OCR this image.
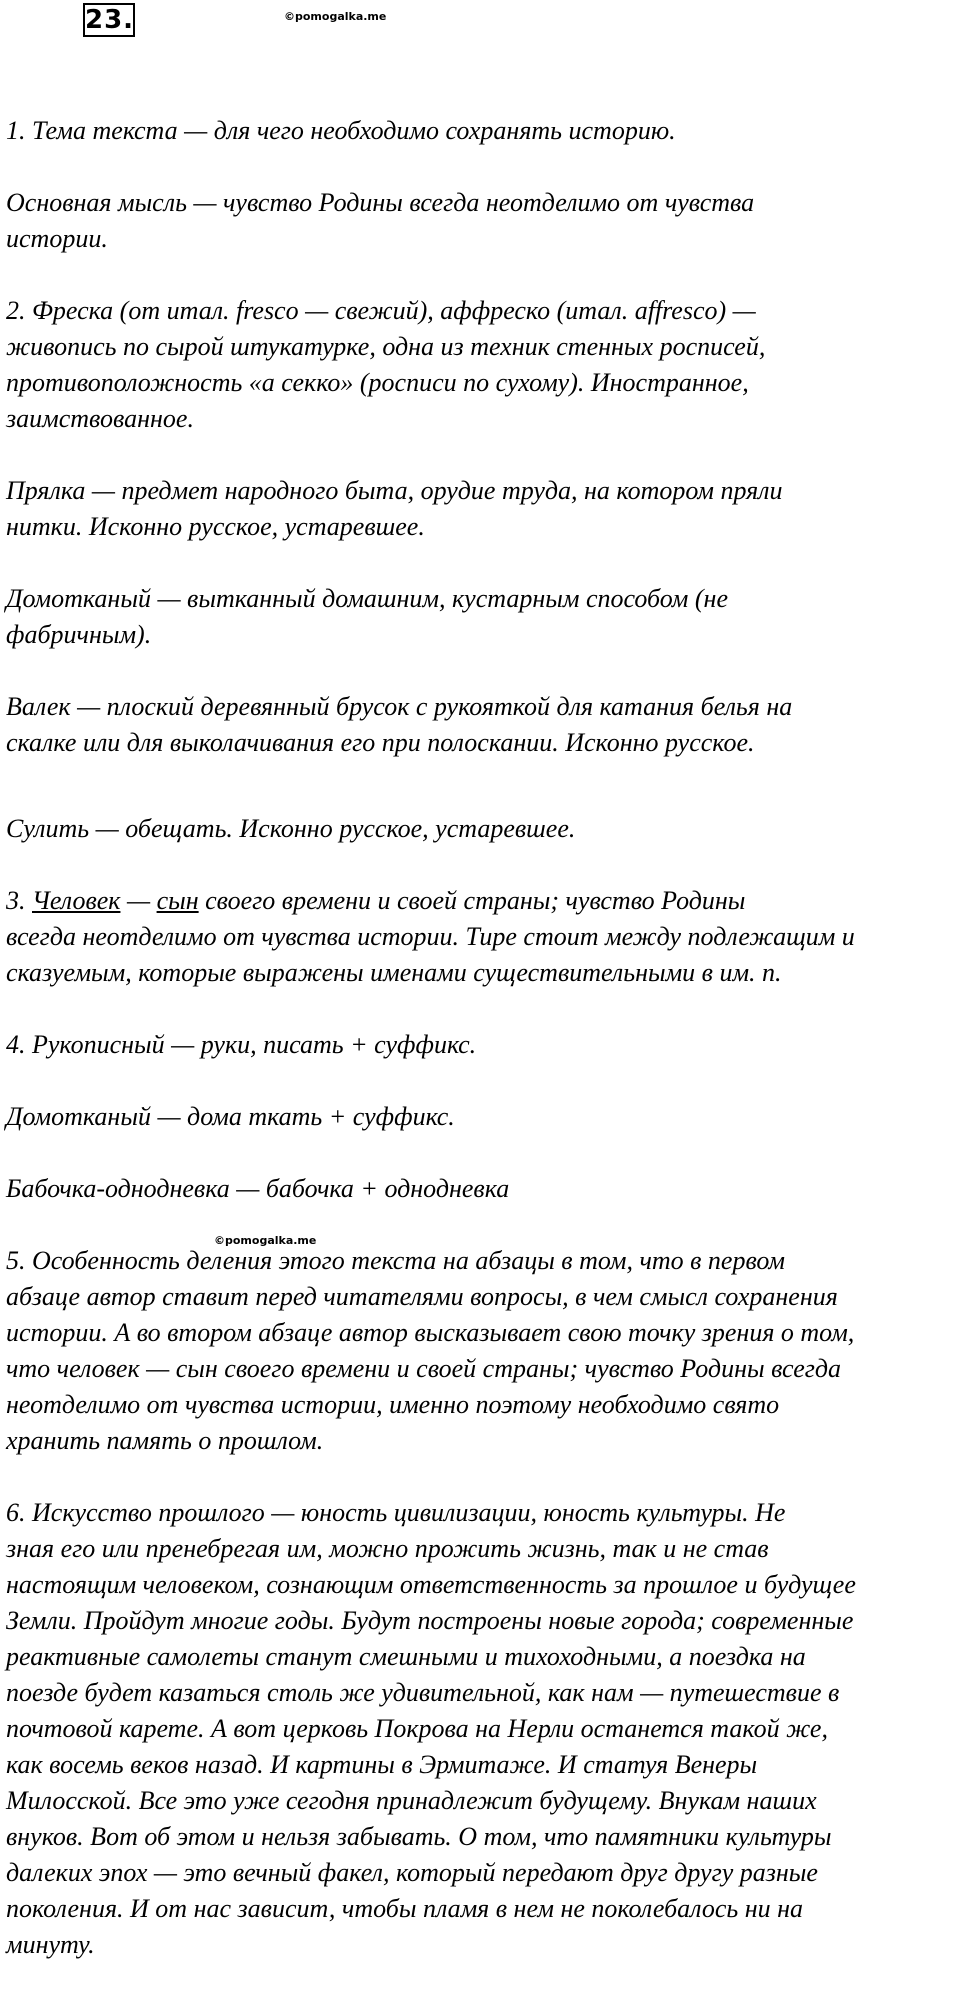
23.	©pomogalka.me

1. Тема текста — для чего необходимо сохранять историю.

Основная мысль — чувство Родины всегда неотделимо от чувства
истории.

2. Фреска (от итал. fresco — свежий), аффреско (итал. affresco) —
живопись по сырой штукатурке, одна из техник стенных росписей,
противоположность «а секко» (росписи по сухому). Иностранное,
заимствованное.

Прялка — предмет народного быта, орудие труда, на котором пряли
нитки. Исконно русское, устаревшее.

Домотканый — вытканный домашним, кустарным способом (не
фабричным).

Валек — плоский деревянный брусок с рукояткой для катания белья на
скалке или для выколачивания его при полоскании. Исконно русское.

Сулить — обещать. Исконно русское, устаревшее.

3. Человек — сын своего времени и своей страны; чувство Родины
всегда неотделимо от чувства истории. Тире стоит между подлежащим и
сказуемым, которые выражены именами существительными в им. п.

4. Рукописный — руки, писать + суффикс.

Домотканый — дома ткать + суффикс.

Бабочка-однодневка — бабочка + однодневка

5. Особенность деления этого текста на абзацы в том, что в первом
абзаце автор ставит перед читателями вопросы, в чем смысл сохранения
истории. А во втором абзаце автор высказывает свою точку зрения о том,
что человек — сын своего времени и своей страны; чувство Родины всегда
неотделимо от чувства истории, именно поэтому необходимо свято
хранить память о прошлом.

6. Искусство прошлого — юность цивилизации, юность культуры. Не
зная его или пренебрегая им, можно прожить жизнь, так и не став
настоящим человеком, сознающим ответственность за прошлое и будущее
Земли. Пройдут многие годы. Будут построены новые города; современные
реактивные самолеты станут смешными и тихоходными, а поездка на
поезде будет казаться столь же удивительной, как нам — путешествие в
почтовой карете. А вот церковь Покрова на Нерли останется такой же,
как восемь веков назад. И картины в Эрмитаже. И статуя Венеры
Милосской. Все это уже сегодня принадлежит будущему. Внукам наших
внуков. Вот об этом и нельзя забывать. О том, что памятники культуры
далеких эпох — это вечный факел, который передают друг другу разные
поколения. И от нас зависит, чтобы пламя в нем не поколебалось ни на
минуту.

©pomogalka.me
